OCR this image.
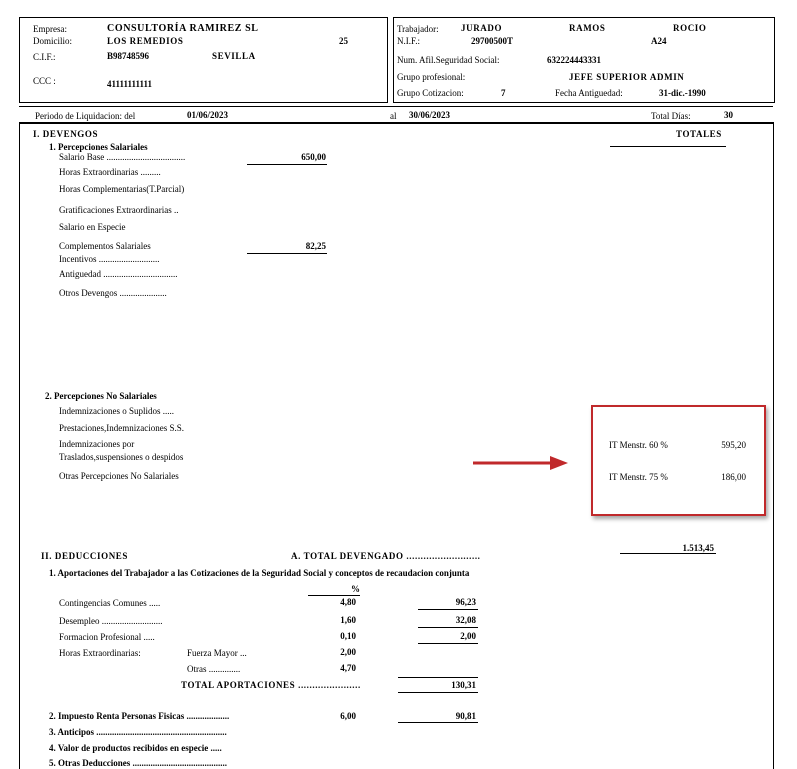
Empresa:	CONSULTORÍA RAMIREZ SL
Domicilio:	LOS REMEDIOS	25
C.I.F.:	B98748596	SEVILLA
CCC :	41111111111
Trabajador: JURADO	RAMOS	ROCIO
N.I.F.:	29700500T	A24
Num. Afil.Seguridad Social:	632224443331
Grupo profesional:	JEFE SUPERIOR ADMIN
Grupo Cotizacion:	7	Fecha Antiguedad:	31-dic.-1990
Periodo de Liquidacion: del	01/06/2023	al 30/06/2023	Total Días:	30
I. DEVENGOS	TOTALES
1. Percepciones Salariales
Salario Base ...................................	650,00
Horas Extraordinarias .........
Horas Complementarias(T.Parcial)
Gratificaciones Extraordinarias ..
Salario en Especie
Complementos Salariales	82,25
Incentivos ...........................
Antiguedad .................................
Otros Devengos .....................
2. Percepciones No Salariales
Indemnizaciones o Suplidos .....
Prestaciones,Indemnizaciones S.S.
Indemnizaciones por
Traslados,suspensiones o despidos
Otras Percepciones No Salariales
IT Menstr. 60 %	595,20
IT Menstr. 75 %	186,00
1.513,45
II. DEDUCCIONES	A. TOTAL DEVENGADO ..........................
1. Aportaciones del Trabajador a las Cotizaciones de la Seguridad Social y conceptos de recaudacion conjunta
%
Contingencias Comunes .....	4,80	96,23
Desempleo ...........................	1,60	32,08
Formacion Profesional .....	0,10	2,00
Horas Extraordinarias:	Fuerza Mayor ...	2,00
Otras ..............	4,70
TOTAL APORTACIONES ......................	130,31
2. Impuesto Renta Personas Fisicas ...................	6,00	90,81
3. Anticipos ..........................................................
4. Valor de productos recibidos en especie .....
5. Otras Deducciones ..........................................
